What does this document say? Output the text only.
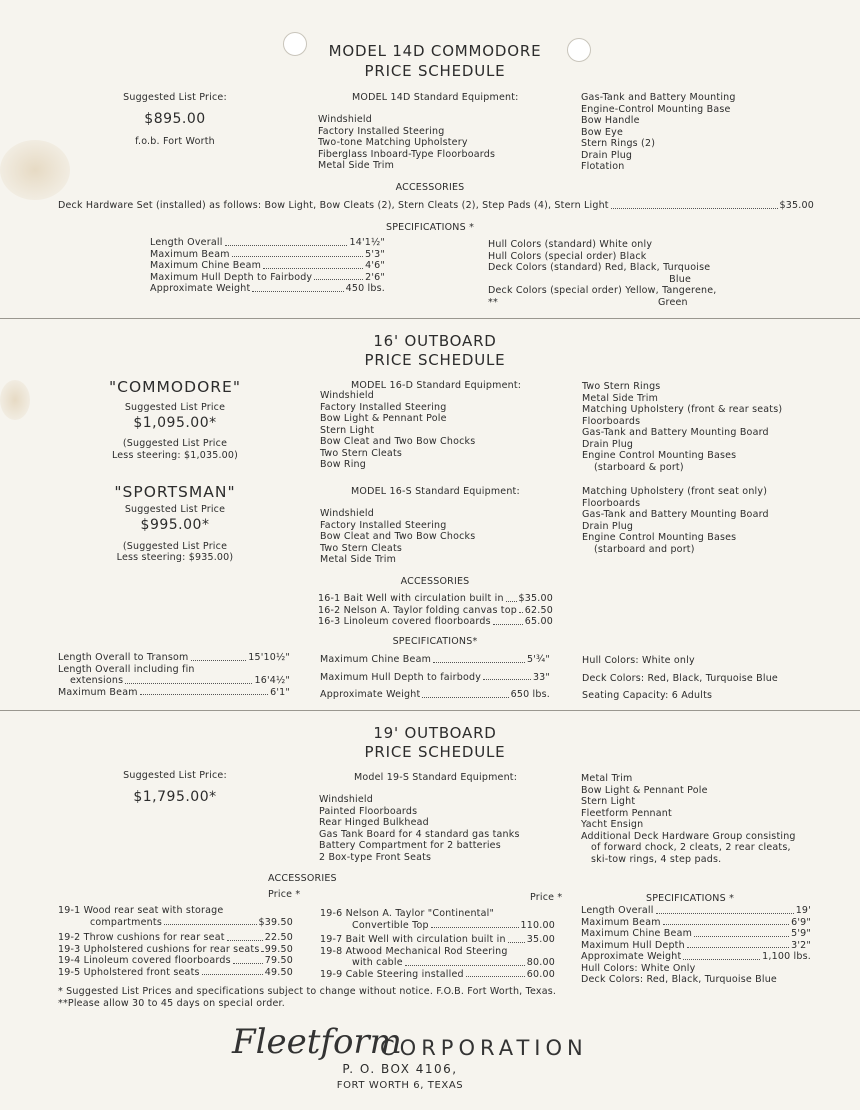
MODEL 14D COMMODORE
PRICE SCHEDULE
Suggested List Price:
$895.00
f.o.b. Fort Worth
MODEL 14D Standard Equipment:
Windshield
Factory Installed Steering
Two-tone Matching Upholstery
Fiberglass Inboard-Type Floorboards
Metal Side Trim
Gas-Tank and Battery Mounting
Engine-Control Mounting Base
Bow Handle
Bow Eye
Stern Rings (2)
Drain Plug
Flotation
ACCESSORIES
Deck Hardware Set (installed) as follows: Bow Light, Bow Cleats (2), Stern Cleats (2), Step Pads (4), Stern Light	$35.00
SPECIFICATIONS *
Length Overall	14'1½"
Maximum Beam	5'3"
Maximum Chine Beam	4'6"
Maximum Hull Depth to Fairbody	2'6"
Approximate Weight	450 lbs.
Hull Colors (standard) White only
Hull Colors (special order) Black
Deck Colors (standard) Red, Black, Turquoise
Blue
Deck Colors (special order) Yellow, Tangerene,
**	Green
16' OUTBOARD
PRICE SCHEDULE
"COMMODORE"
Suggested List Price
$1,095.00*
(Suggested List Price
Less steering: $1,035.00)
MODEL 16-D Standard Equipment:
Windshield
Factory Installed Steering
Bow Light & Pennant Pole
Stern Light
Bow Cleat and Two Bow Chocks
Two Stern Cleats
Bow Ring
Two Stern Rings
Metal Side Trim
Matching Upholstery (front & rear seats)
Floorboards
Gas-Tank and Battery Mounting Board
Drain Plug
Engine Control Mounting Bases
(starboard & port)
"SPORTSMAN"
Suggested List Price
$995.00*
(Suggested List Price
Less steering: $935.00)
MODEL 16-S Standard Equipment:
Windshield
Factory Installed Steering
Bow Cleat and Two Bow Chocks
Two Stern Cleats
Metal Side Trim
Matching Upholstery (front seat only)
Floorboards
Gas-Tank and Battery Mounting Board
Drain Plug
Engine Control Mounting Bases
(starboard and port)
ACCESSORIES
16-1 Bait Well with circulation built in $35.00
16-2 Nelson A. Taylor folding canvas top 62.50
16-3 Linoleum covered floorboards	65.00
SPECIFICATIONS*
Length Overall to Transom	15'10½"
Length Overall including fin
extensions	16'4½"
Maximum Beam	6'1"
Maximum Chine Beam	5'¾"
Maximum Hull Depth to fairbody	33"
Approximate Weight	650 lbs.
Hull Colors: White only
Deck Colors: Red, Black, Turquoise Blue
Seating Capacity: 6 Adults
19' OUTBOARD
PRICE SCHEDULE
Suggested List Price:
$1,795.00*
Model 19-S Standard Equipment:
Windshield
Painted Floorboards
Rear Hinged Bulkhead
Gas Tank Board for 4 standard gas tanks
Battery Compartment for 2 batteries
2 Box-type Front Seats
Metal Trim
Bow Light & Pennant Pole
Stern Light
Fleetform Pennant
Yacht Ensign
Additional Deck Hardware Group consisting
of forward chock, 2 cleats, 2 rear cleats,
ski-tow rings, 4 step pads.
ACCESSORIES
Price *	Price *
19-1 Wood rear seat with storage
compartments	$39.50
19-2 Throw cushions for rear seat	22.50
19-3 Upholstered cushions for rear seats 99.50
19-4 Linoleum covered floorboards	79.50
19-5 Upholstered front seats	49.50
19-6 Nelson A. Taylor "Continental"
Convertible Top	110.00
19-7 Bait Well with circulation built in 35.00
19-8 Atwood Mechanical Rod Steering
with cable	80.00
19-9 Cable Steering installed	60.00
SPECIFICATIONS *
Length Overall	19'
Maximum Beam	6'9"
Maximum Chine Beam	5'9"
Maximum Hull Depth	3'2"
Approximate Weight	1,100 lbs.
Hull Colors: White Only
Deck Colors: Red, Black, Turquoise Blue
* Suggested List Prices and specifications subject to change without notice. F.O.B. Fort Worth, Texas.
**Please allow 30 to 45 days on special order.
Fleetform
CORPORATION
P. O. BOX 4106,
FORT WORTH 6, TEXAS
